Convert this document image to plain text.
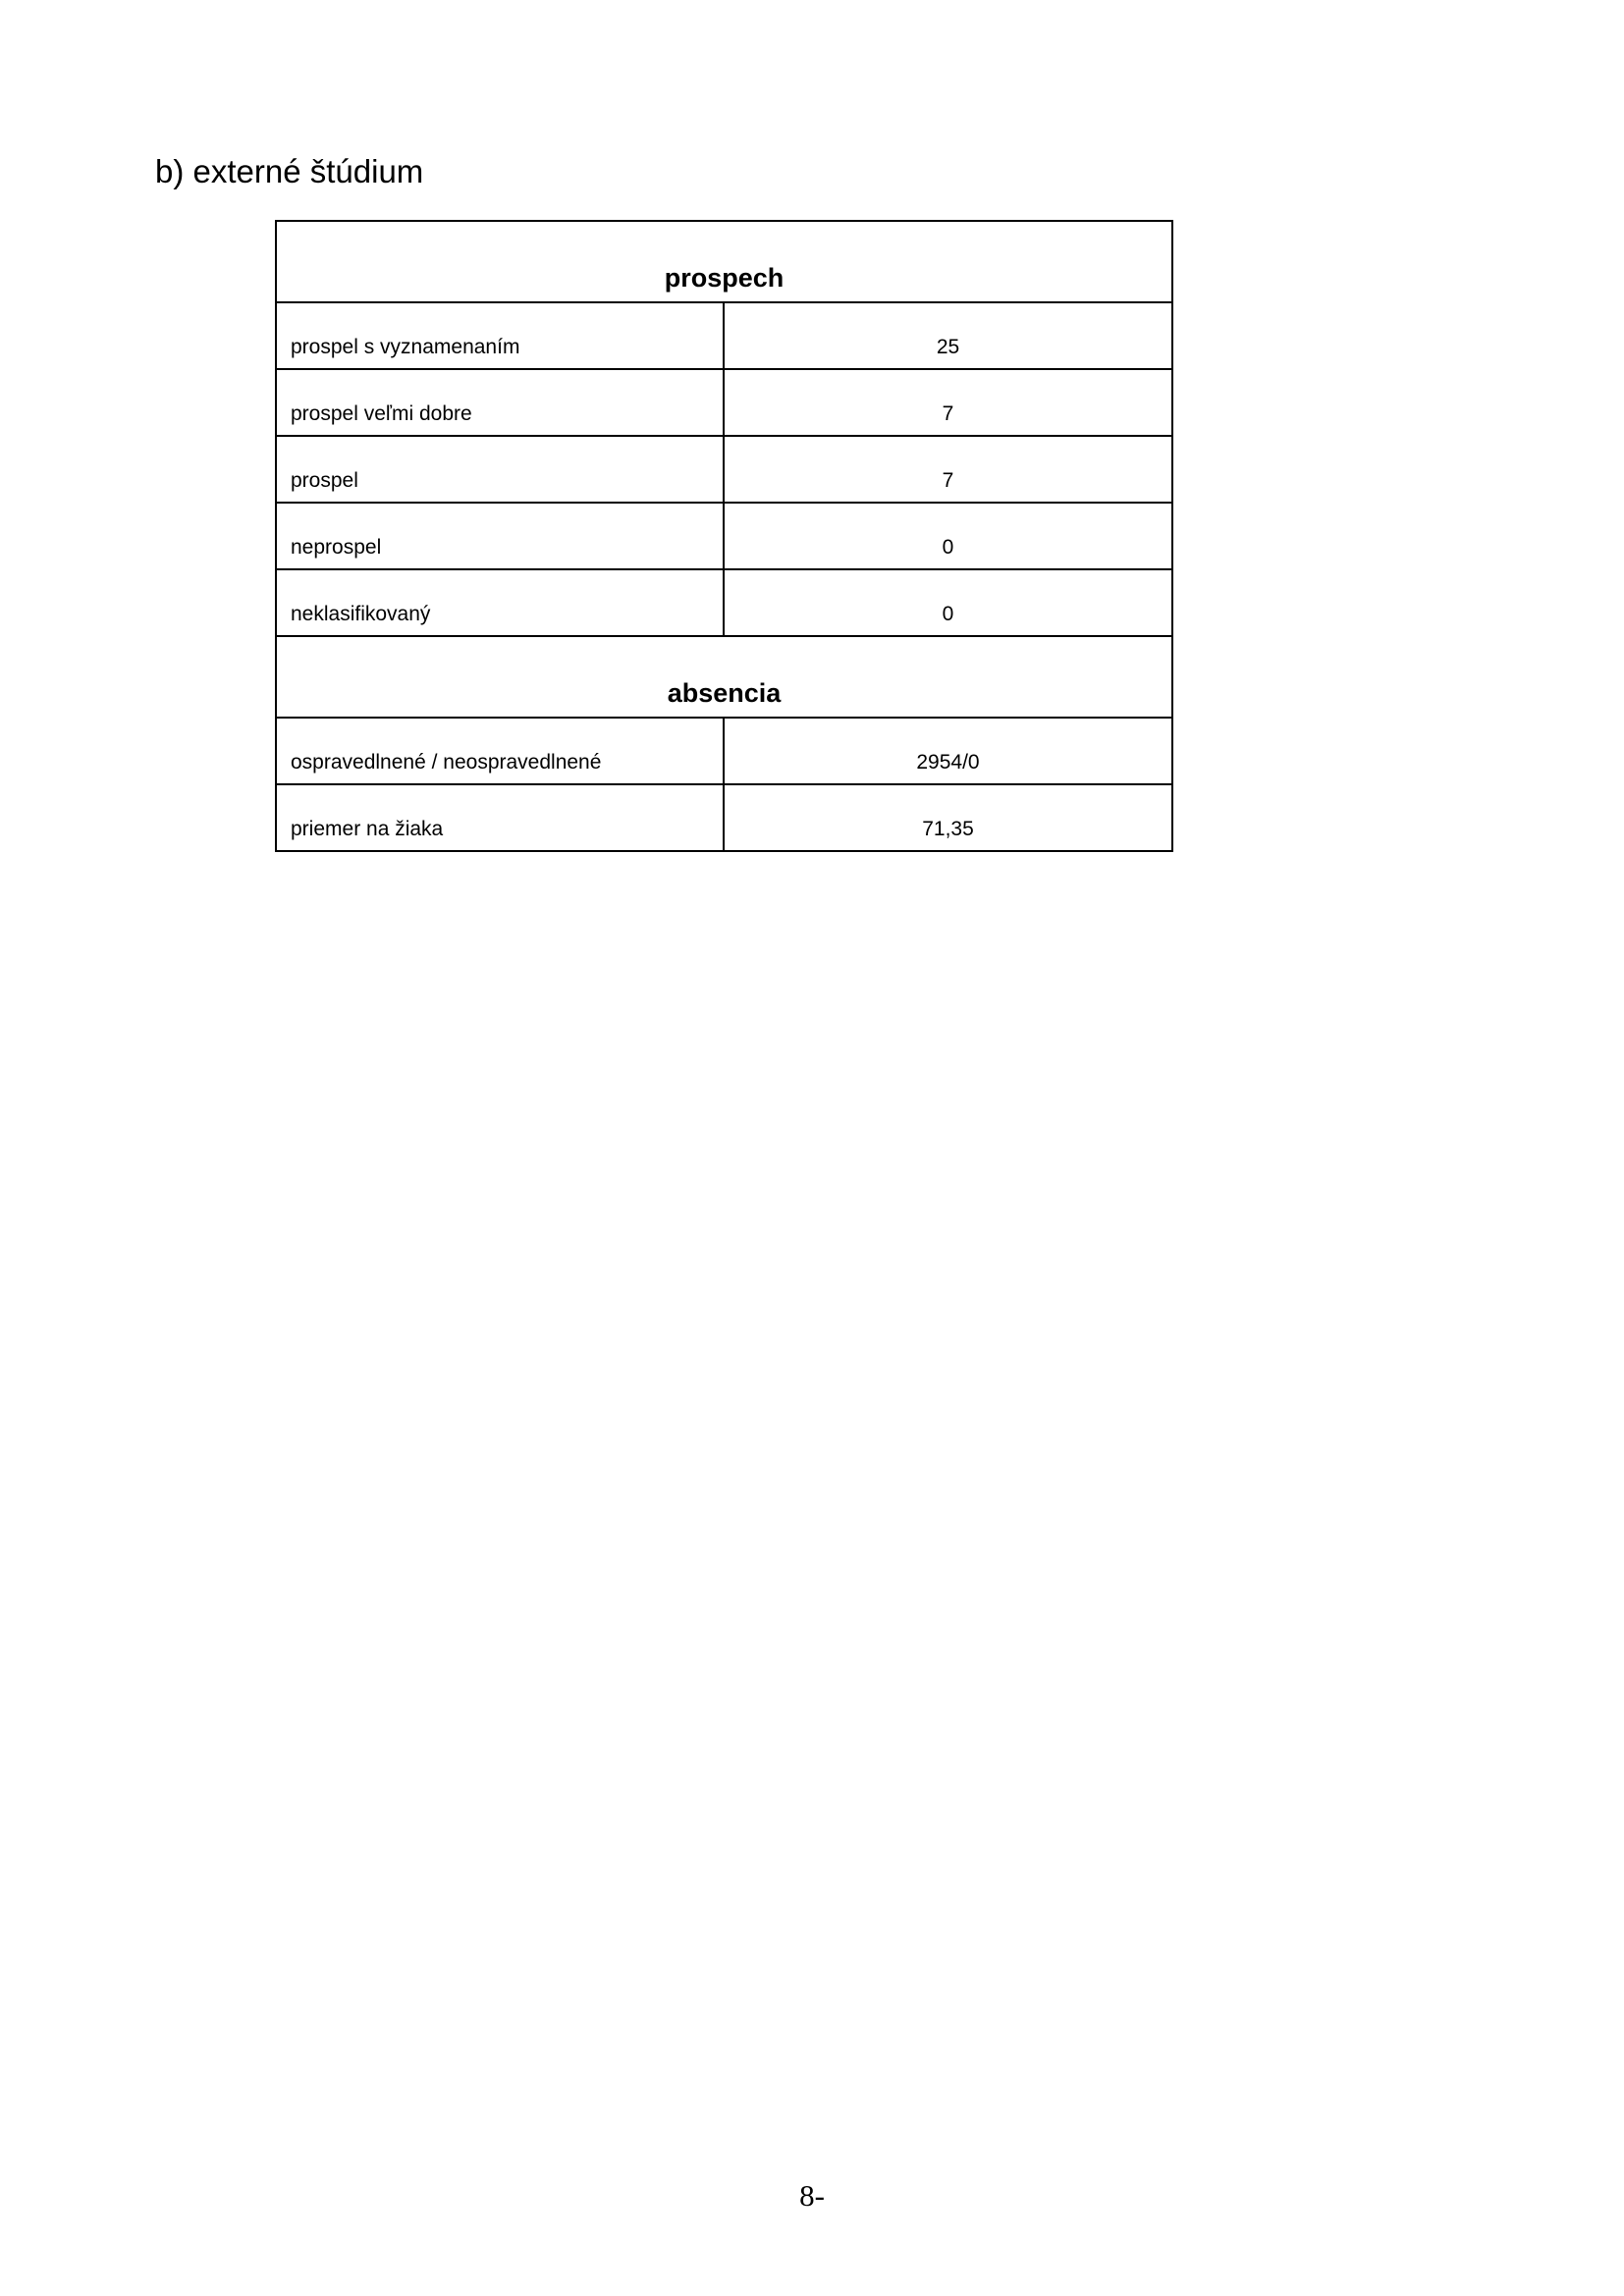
b) externé štúdium
prospech	
prospel s vyznamenaním	25
prospel veľmi dobre	7
prospel	7
neprospel	0
neklasifikovaný	0
absencia	
ospravedlnené / neospravedlnené	2954/0
priemer na žiaka	71,35
8-
